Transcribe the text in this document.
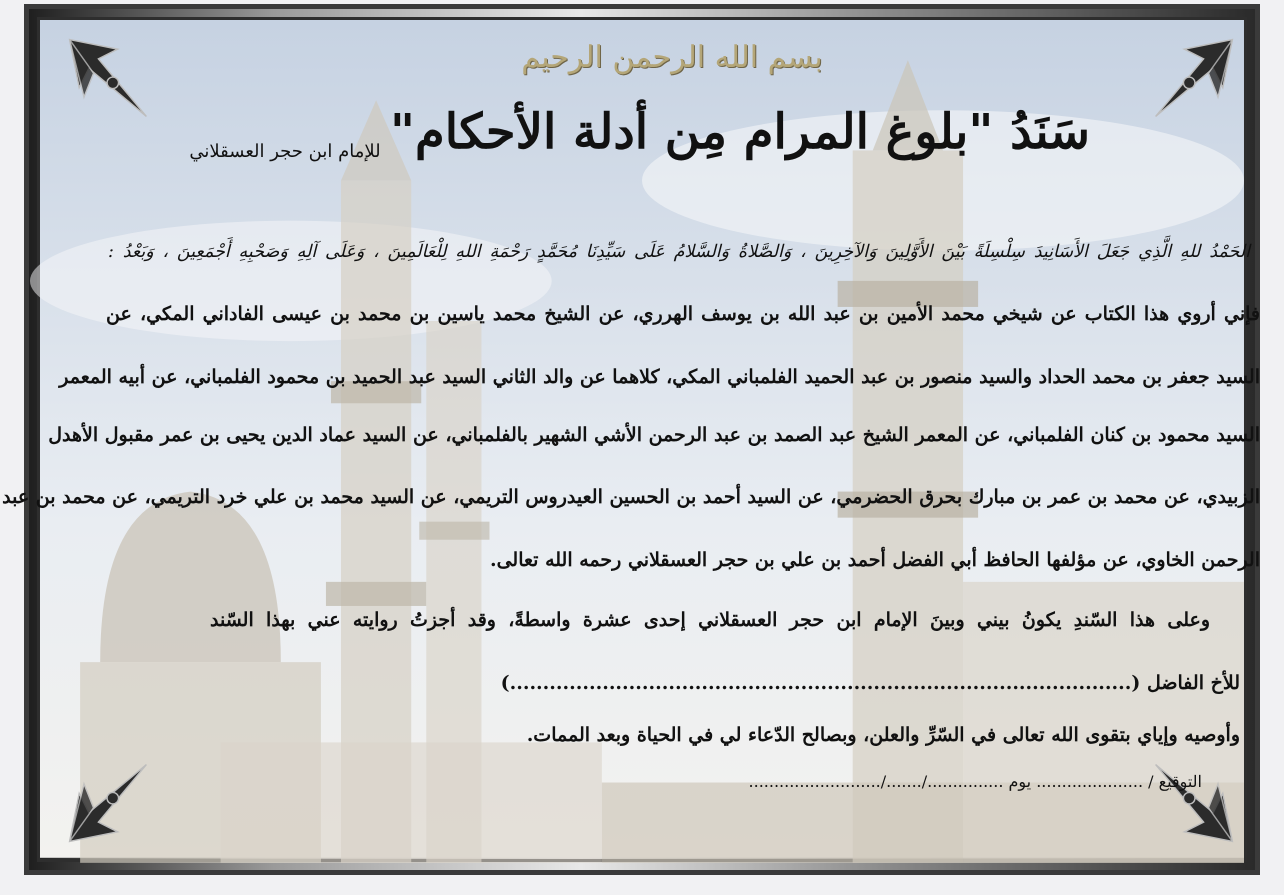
بسم الله الرحمن الرحيم
سَنَدُ "بلوغ المرام مِن أدلة الأحكام"
للإمام ابن حجر العسقلاني
الحَمْدُ للهِ الَّذِي جَعَلَ الأَسَانِيدَ سِلْسِلَةً بَيْنَ الأَوَّلِينَ وَالآخِرِينَ ، وَالصَّلاةُ وَالسَّلامُ عَلَى سَيِّدِنَا مُحَمَّدٍ رَحْمَةِ اللهِ لِلْعَالَمِينَ ، وَعَلَى آلِهِ وَصَحْبِهِ أَجْمَعِينَ ، وَبَعْدُ :
فإني أروي هذا الكتاب عن شيخي محمد الأمين بن عبد الله بن يوسف الهرري، عن الشيخ محمد ياسين بن محمد بن عيسى الفاداني المكي، عن
السيد جعفر بن محمد الحداد والسيد منصور بن عبد الحميد الفلمباني المكي، كلاهما عن والد الثاني السيد عبد الحميد بن محمود الفلمباني، عن أبيه المعمر
السيد محمود بن كنان الفلمباني، عن المعمر الشيخ عبد الصمد بن عبد الرحمن الأشي الشهير بالفلمباني، عن السيد عماد الدين يحيى بن عمر مقبول الأهدل
الزبيدي، عن محمد بن عمر بن مبارك بحرق الحضرمي، عن السيد أحمد بن الحسين العيدروس التريمي، عن السيد محمد بن علي خرد التريمي، عن محمد بن عبد
الرحمن الخاوي، عن مؤلفها الحافظ أبي الفضل أحمد بن علي بن حجر العسقلاني رحمه الله تعالى.
وعلى هذا السّندِ يكونُ بيني وبينَ الإمام ابن حجر العسقلاني إحدى عشرة واسطةً، وقد أجزتُ روايته عني بهذا السّند
للأخ الفاضل (..............................................................................................)
وأوصيه وإياي بتقوى الله تعالى في السّرِّ والعلن، وبصالح الدّعاء لي في الحياة وبعد الممات.
التوقيع / ..................... يوم .............../......./..........................
